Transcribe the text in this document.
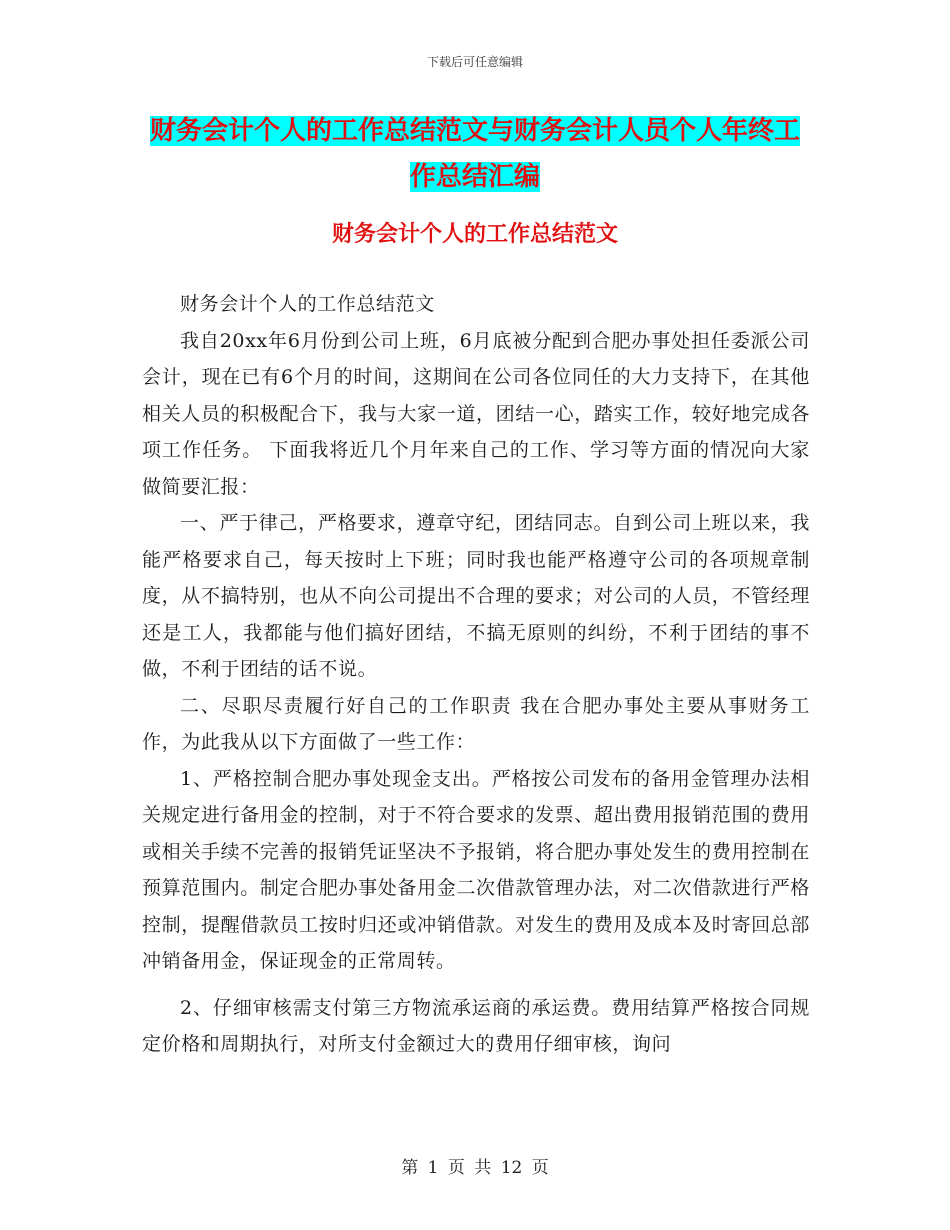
下载后可任意编辑
财务会计个人的工作总结范文与财务会计人员个人年终工作总结汇编
财务会计个人的工作总结范文

财务会计个人的工作总结范文

我自20xx年6月份到公司上班，6月底被分配到合肥办事处担任委派公司会计，现在已有6个月的时间，这期间在公司各位同任的大力支持下，在其他相关人员的积极配合下，我与大家一道，团结一心，踏实工作，较好地完成各项工作任务。 下面我将近几个月年来自己的工作、学习等方面的情况向大家做简要汇报：

一、严于律己，严格要求，遵章守纪，团结同志。自到公司上班以来，我能严格要求自己，每天按时上下班；同时我也能严格遵守公司的各项规章制度，从不搞特别，也从不向公司提出不合理的要求；对公司的人员，不管经理还是工人，我都能与他们搞好团结，不搞无原则的纠纷，不利于团结的事不做，不利于团结的话不说。

二、尽职尽责履行好自己的工作职责 我在合肥办事处主要从事财务工作，为此我从以下方面做了一些工作：

1、严格控制合肥办事处现金支出。严格按公司发布的备用金管理办法相关规定进行备用金的控制，对于不符合要求的发票、超出费用报销范围的费用或相关手续不完善的报销凭证坚决不予报销，将合肥办事处发生的费用控制在预算范围内。制定合肥办事处备用金二次借款管理办法，对二次借款进行严格控制，提醒借款员工按时归还或冲销借款。对发生的费用及成本及时寄回总部冲销备用金，保证现金的正常周转。

2、仔细审核需支付第三方物流承运商的承运费。费用结算严格按合同规定价格和周期执行，对所支付金额过大的费用仔细审核，询问

第 1 页 共 12 页
